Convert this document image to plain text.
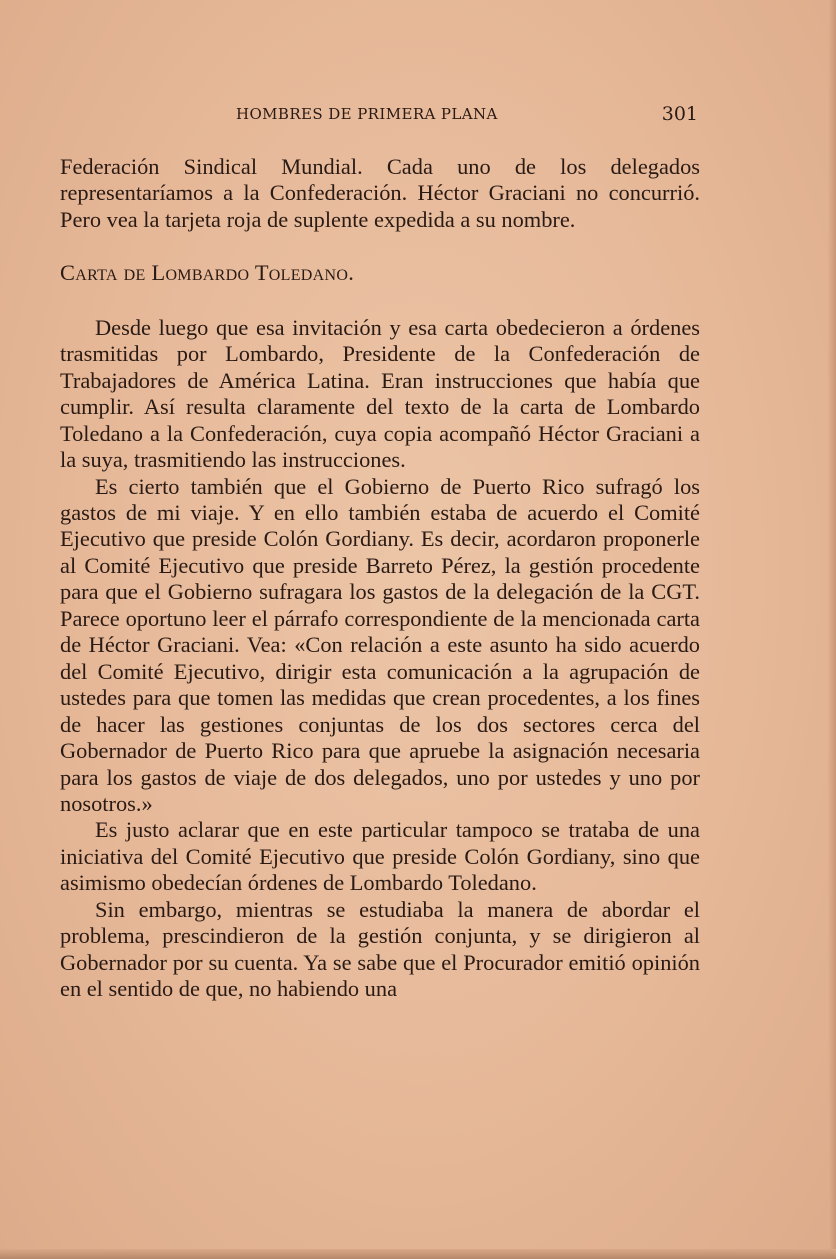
HOMBRES DE PRIMERA PLANA	301

Federación Sindical Mundial. Cada uno de los delegados representaríamos a la Confederación. Héctor Graciani no concurrió. Pero vea la tarjeta roja de suplente expedida a su nombre.

Carta de Lombardo Toledano.

Desde luego que esa invitación y esa carta obedecieron a órdenes trasmitidas por Lombardo, Presidente de la Confederación de Trabajadores de América Latina. Eran instrucciones que había que cumplir. Así resulta claramente del texto de la carta de Lombardo Toledano a la Confederación, cuya copia acompañó Héctor Graciani a la suya, trasmitiendo las instrucciones.

Es cierto también que el Gobierno de Puerto Rico sufragó los gastos de mi viaje. Y en ello también estaba de acuerdo el Comité Ejecutivo que preside Colón Gordiany. Es decir, acordaron proponerle al Comité Ejecutivo que preside Barreto Pérez, la gestión procedente para que el Gobierno sufragara los gastos de la delegación de la CGT. Parece oportuno leer el párrafo correspondiente de la mencionada carta de Héctor Graciani. Vea: «Con relación a este asunto ha sido acuerdo del Comité Ejecutivo, dirigir esta comunicación a la agrupación de ustedes para que tomen las medidas que crean procedentes, a los fines de hacer las gestiones conjuntas de los dos sectores cerca del Gobernador de Puerto Rico para que apruebe la asignación necesaria para los gastos de viaje de dos delegados, uno por ustedes y uno por nosotros.»

Es justo aclarar que en este particular tampoco se trataba de una iniciativa del Comité Ejecutivo que preside Colón Gordiany, sino que asimismo obedecían órdenes de Lombardo Toledano.

Sin embargo, mientras se estudiaba la manera de abordar el problema, prescindieron de la gestión conjunta, y se dirigieron al Gobernador por su cuenta. Ya se sabe que el Procurador emitió opinión en el sentido de que, no habiendo una
